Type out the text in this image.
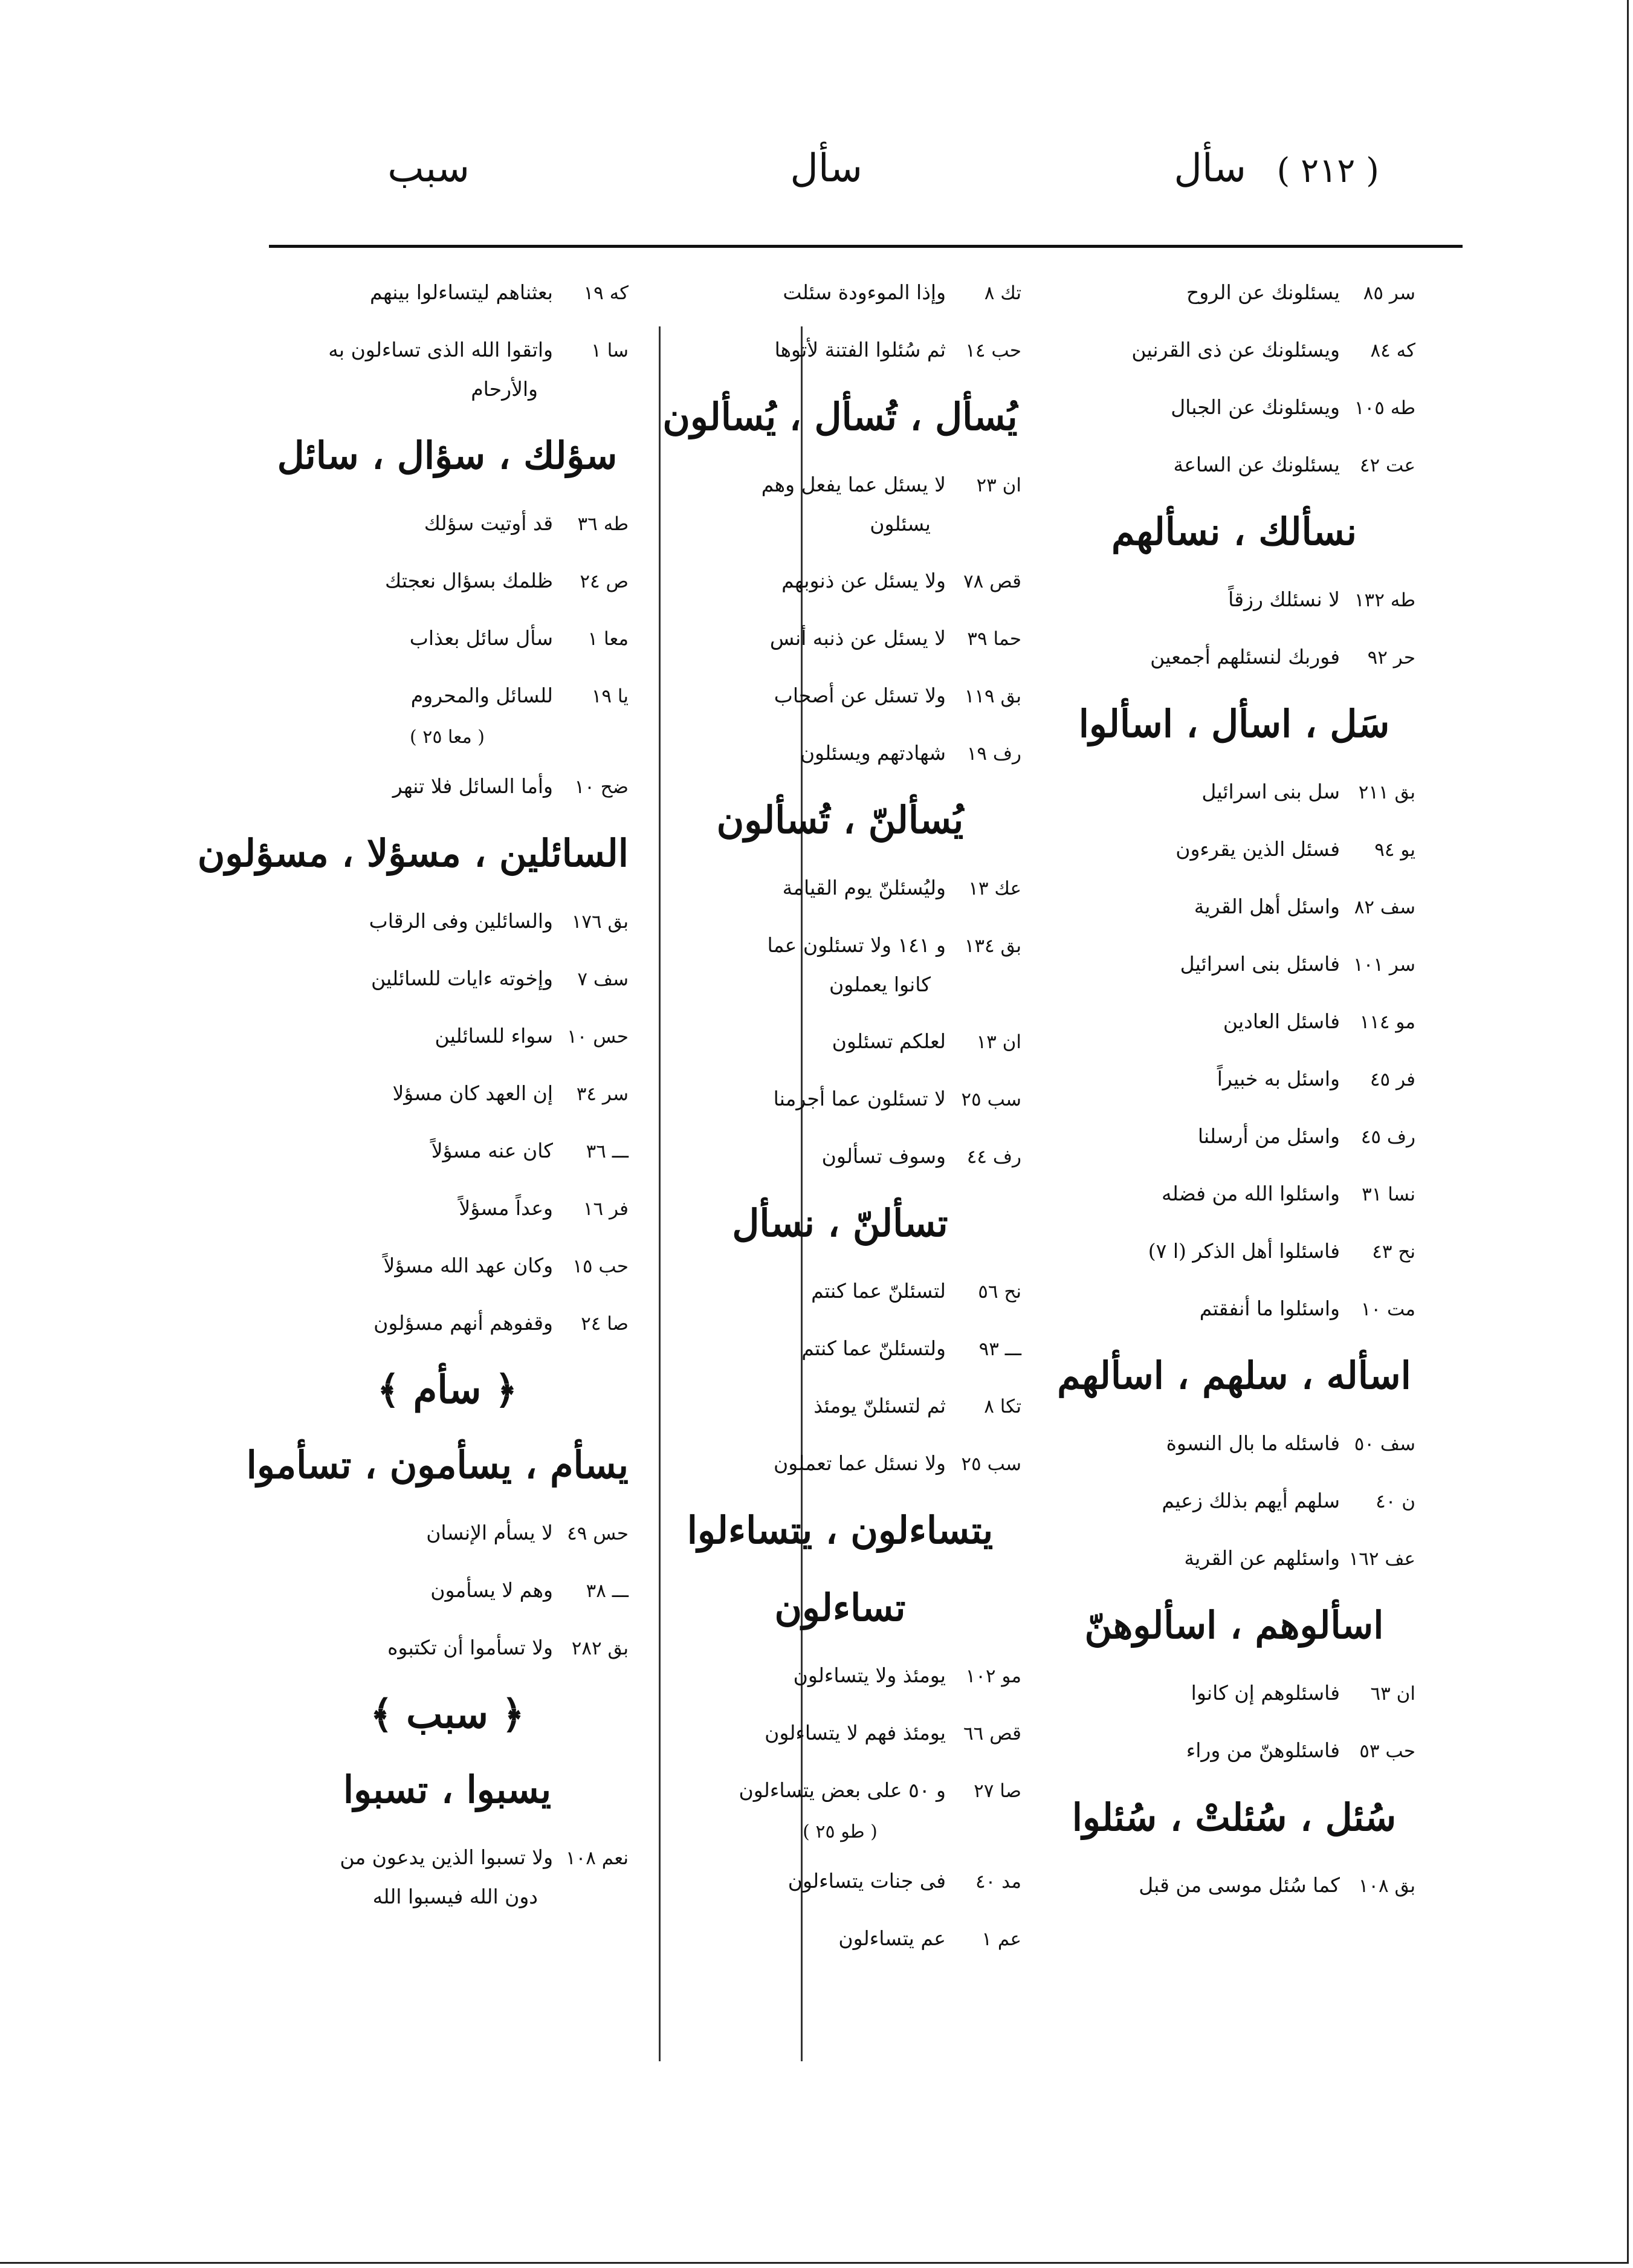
( ٢١٢ )
سأل
سأل
سبب
سر ٨٥
يسئلونك عن الروح
كه ٨٤
ويسئلونك عن ذى القرنين
طه ١٠٥
ويسئلونك عن الجبال
عت ٤٢
يسئلونك عن الساعة
نسألك ، نسألهم
طه ١٣٢
لا نسئلك رزقاً
حر ٩٢
فوربك لنسئلهم أجمعين
سَل ، اسأل ، اسألوا
بق ٢١١
سل بنى اسرائيل
يو ٩٤
فسئل الذين يقرءون
سف ٨٢
واسئل أهل القرية
سر ١٠١
فاسئل بنى اسرائيل
مو ١١٤
فاسئل العادين
فر ٤٥
واسئل به خبيراً
رف ٤٥
واسئل من أرسلنا
نسا ٣١
واسئلوا الله من فضله
نح ٤٣
فاسئلوا أهل الذكر (ا ٧)
مت ١٠
واسئلوا ما أنفقتم
اسأله ، سلهم ، اسألهم
سف ٥٠
فاسئله ما بال النسوة
ن ٤٠
سلهم أيهم بذلك زعيم
عف ١٦٢
واسئلهم عن القرية
اسألوهم ، اسألوهنّ
ان ٦٣
فاسئلوهم إن كانوا
حب ٥٣
فاسئلوهنّ من وراء
سُئل ، سُئلتْ ، سُئلوا
بق ١٠٨
كما سُئل موسى من قبل
تك ٨
وإذا الموءودة سئلت
حب ١٤
ثم سُئلوا الفتنة لأتوها
يُسأل ، تُسأل ، يُسألون
ان ٢٣
لا يسئل عما يفعل وهم
يسئلون
قص ٧٨
ولا يسئل عن ذنوبهم
حما ٣٩
لا يسئل عن ذنبه أنس
بق ١١٩
ولا تسئل عن أصحاب
رف ١٩
شهادتهم ويسئلون
يُسألنّ ، تُسألون
عك ١٣
وليُسئلنّ يوم القيامة
بق ١٣٤
و ١٤١ ولا تسئلون عما
كانوا يعملون
ان ١٣
لعلكم تسئلون
سب ٢٥
لا تسئلون عما أجرمنا
رف ٤٤
وسوف تسألون
تسألنّ ، نسأل
نح ٥٦
لتسئلنّ عما كنتم
ـــ ٩٣
ولتسئلنّ عما كنتم
تكا ٨
ثم لتسئلنّ يومئذ
سب ٢٥
ولا نسئل عما تعملون
يتساءلون ، يتساءلوا
تساءلون
مو ١٠٢
يومئذ ولا يتساءلون
قص ٦٦
يومئذ فهم لا يتساءلون
صا ٢٧
و ٥٠ على بعض يتساءلون
( طو ٢٥ )
مد ٤٠
فى جنات يتساءلون
عم ١
عم يتساءلون
كه ١٩
بعثناهم ليتساءلوا بينهم
سا ١
واتقوا الله الذى تساءلون به
والأرحام
سؤلك ، سؤال ، سائل
طه ٣٦
قد أوتيت سؤلك
ص ٢٤
ظلمك بسؤال نعجتك
معا ١
سأل سائل بعذاب
يا ١٩
للسائل والمحروم
( معا ٢٥ )
ضح ١٠
وأما السائل فلا تنهر
السائلين ، مسؤلا ، مسؤلون
بق ١٧٦
والسائلين وفى الرقاب
سف ٧
وإخوته ءايات للسائلين
حس ١٠
سواء للسائلين
سر ٣٤
إن العهد كان مسؤلا
ـــ ٣٦
كان عنه مسؤلاً
فر ١٦
وعداً مسؤلاً
حب ١٥
وكان عهد الله مسؤلاً
صا ٢٤
وقفوهم أنهم مسؤلون
﴿ سأم ﴾
يسأم ، يسأمون ، تسأموا
حس ٤٩
لا يسأم الإنسان
ـــ ٣٨
وهم لا يسأمون
بق ٢٨٢
ولا تسأموا أن تكتبوه
﴿ سبب ﴾
يسبوا ، تسبوا
نعم ١٠٨
ولا تسبوا الذين يدعون من
دون الله فيسبوا الله
